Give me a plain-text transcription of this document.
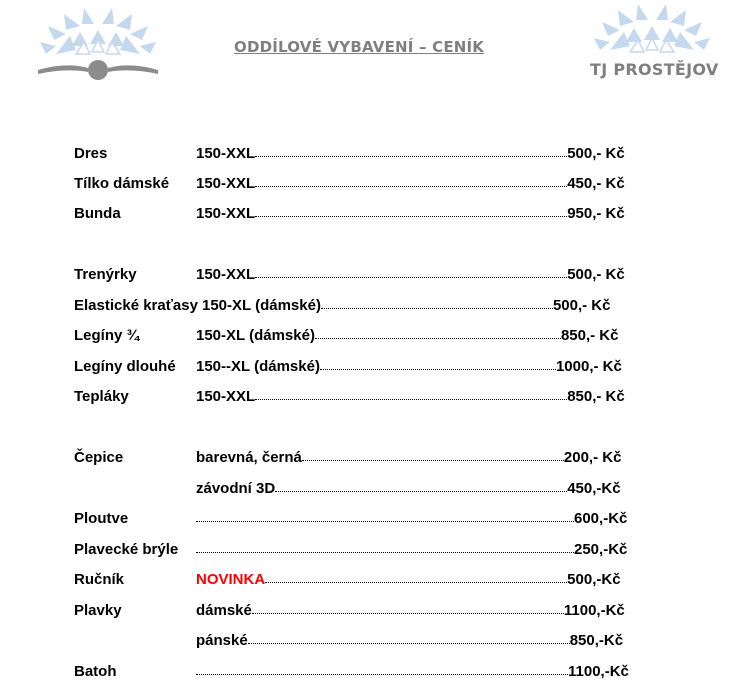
ODDÍLOVÉ VYBAVENÍ – CENÍK
TJ PROSTĚJOV
Dres	150-XXL	500,- Kč
Tílko dámské 150-XXL	450,- Kč
Bunda	150-XXL	950,- Kč
Trenýrky	150-XXL	500,- Kč
Elastické kraťasy 150-XL (dámské)	500,- Kč
Legíny ¾	150-XL (dámské)	850,- Kč
Legíny dlouhé 150--XL (dámské)	1000,- Kč
Tepláky	150-XXL	850,- Kč
Čepice	barevná, černá	200,- Kč
závodní 3D	450,-Kč
Ploutve	600,-Kč
Plavecké brýle	250,-Kč
Ručník	NOVINKA	500,-Kč
Plavky	dámské	1100,-Kč
pánské	850,-Kč
Batoh	1100,-Kč
